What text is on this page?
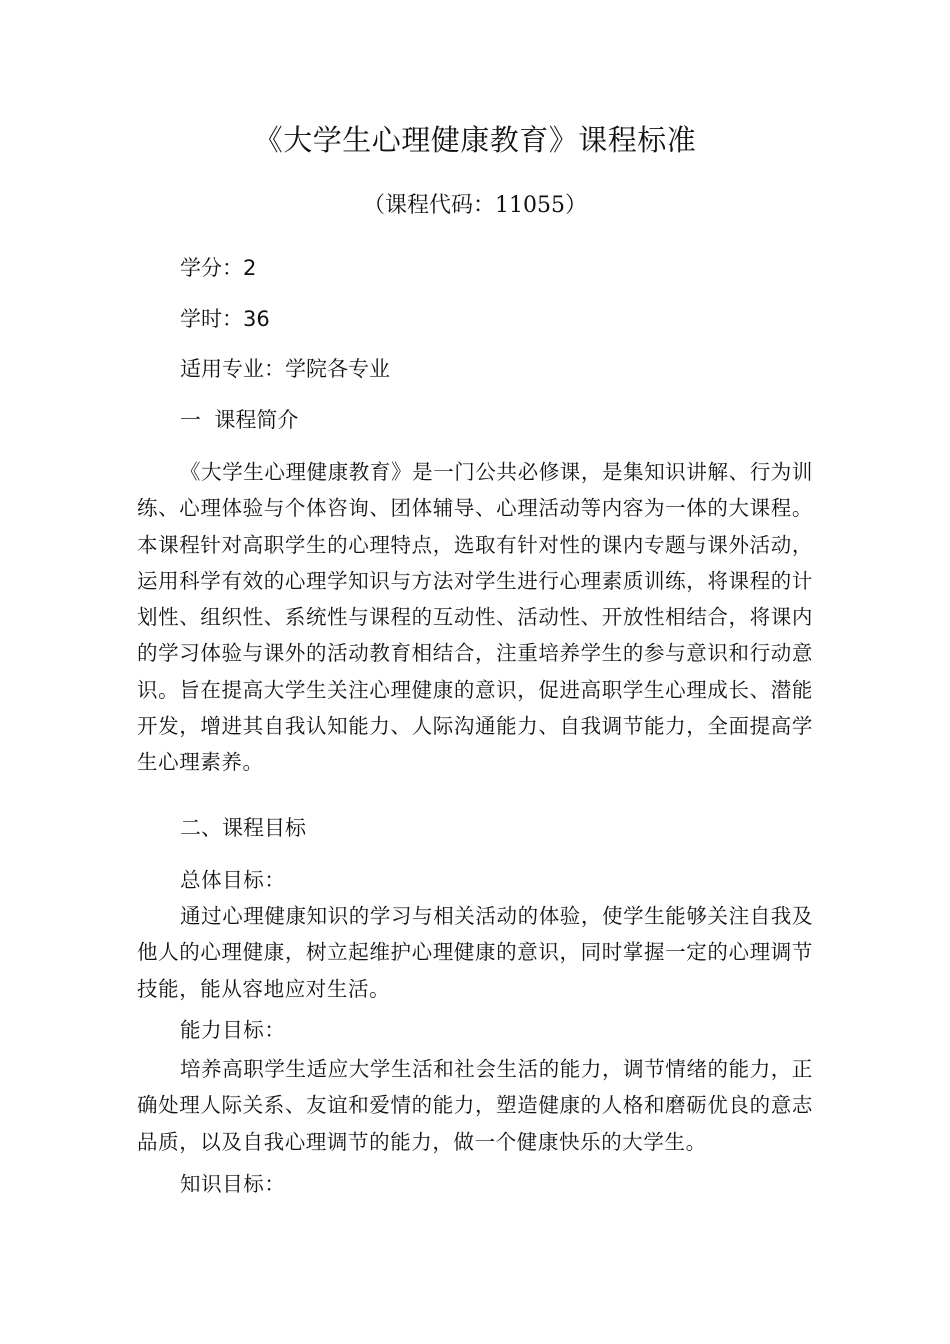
《大学生心理健康教育》课程标准
（课程代码：11055）
学分：2
学时：36
适用专业：学院各专业
一  课程简介
《大学生心理健康教育》是一门公共必修课，是集知识讲解、行为训练、心理体验与个体咨询、团体辅导、心理活动等内容为一体的大课程。本课程针对高职学生的心理特点，选取有针对性的课内专题与课外活动，运用科学有效的心理学知识与方法对学生进行心理素质训练，将课程的计划性、组织性、系统性与课程的互动性、活动性、开放性相结合，将课内的学习体验与课外的活动教育相结合，注重培养学生的参与意识和行动意识。旨在提高大学生关注心理健康的意识，促进高职学生心理成长、潜能开发，增进其自我认知能力、人际沟通能力、自我调节能力，全面提高学生心理素养。
二、课程目标
总体目标：
通过心理健康知识的学习与相关活动的体验，使学生能够关注自我及他人的心理健康，树立起维护心理健康的意识，同时掌握一定的心理调节技能，能从容地应对生活。
能力目标：
培养高职学生适应大学生活和社会生活的能力，调节情绪的能力，正确处理人际关系、友谊和爱情的能力，塑造健康的人格和磨砺优良的意志品质，以及自我心理调节的能力，做一个健康快乐的大学生。
知识目标：
